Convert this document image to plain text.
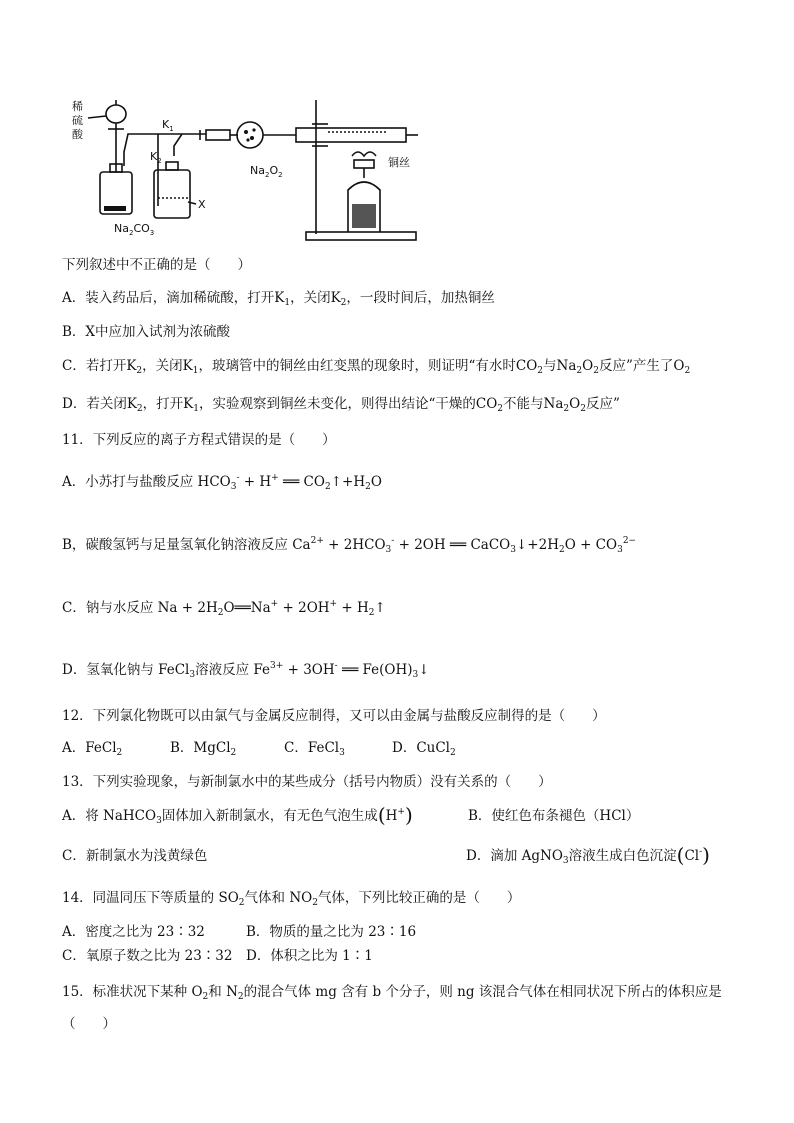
稀
硫
酸
$K_1$
$K_2$
X
$Na_2CO_3$
$Na_2O_2$
铜丝
下列叙述中不正确的是（　　）
A．装入药品后，滴加稀硫酸，打开$K_1$，关闭$K_2$，一段时间后，加热铜丝
B．X中应加入试剂为浓硫酸
C．若打开$K_2$，关闭$K_1$，玻璃管中的铜丝由红变黑的现象时，则证明“有水时$CO_2$与$Na_2O_2$反应”产生了$O_2$
D．若关闭$K_2$，打开$K_1$，实验观察到铜丝未变化，则得出结论“干燥的$CO_2$不能与$Na_2O_2$反应”
11．下列反应的离子方程式错误的是（　　）
A．小苏打与盐酸反应 $HCO_3^- + H^+$ ══ $CO_2↑+H_2O$
B，碳酸氢钙与足量氢氧化钠溶液反应 $Ca^{2+} + 2HCO_3^- + 2OH$ ══ $CaCO_3↓+2H_2O + CO_3^{2-}$
C．钠与水反应 $Na + 2H_2O══Na^+ + 2OH^+$ + $H_2↑$
D．氢氧化钠与 FeCl$_3$溶液反应 $Fe^{3+} + 3OH^-$ ══ $Fe(OH)_3↓$
12．下列氯化物既可以由氯气与金属反应制得，又可以由金属与盐酸反应制得的是（　　）
A．FeCl$_2$	B．MgCl$_2$	C．FeCl$_3$	D．CuCl$_2$
13．下列实验现象，与新制氯水中的某些成分（括号内物质）没有关系的（　　）
A．将 NaHCO$_3$固体加入新制氯水，有无色气泡生成(H+)	B．使红色布条褪色（HCl）
C．新制氯水为浅黄绿色	D．滴加 AgNO$_3$溶液生成白色沉淀(Cl-)
14．同温同压下等质量的 $SO_2$气体和 $NO_2$气体，下列比较正确的是（　　）
A．密度之比为 23∶32	B．物质的量之比为 23∶16
C．氧原子数之比为 23∶32 D．体积之比为 1∶1
15．标准状况下某种 $O_2$和 $N_2$的混合气体 mg 含有 b 个分子，则 ng 该混合气体在相同状况下所占的体积应是
（　　）
